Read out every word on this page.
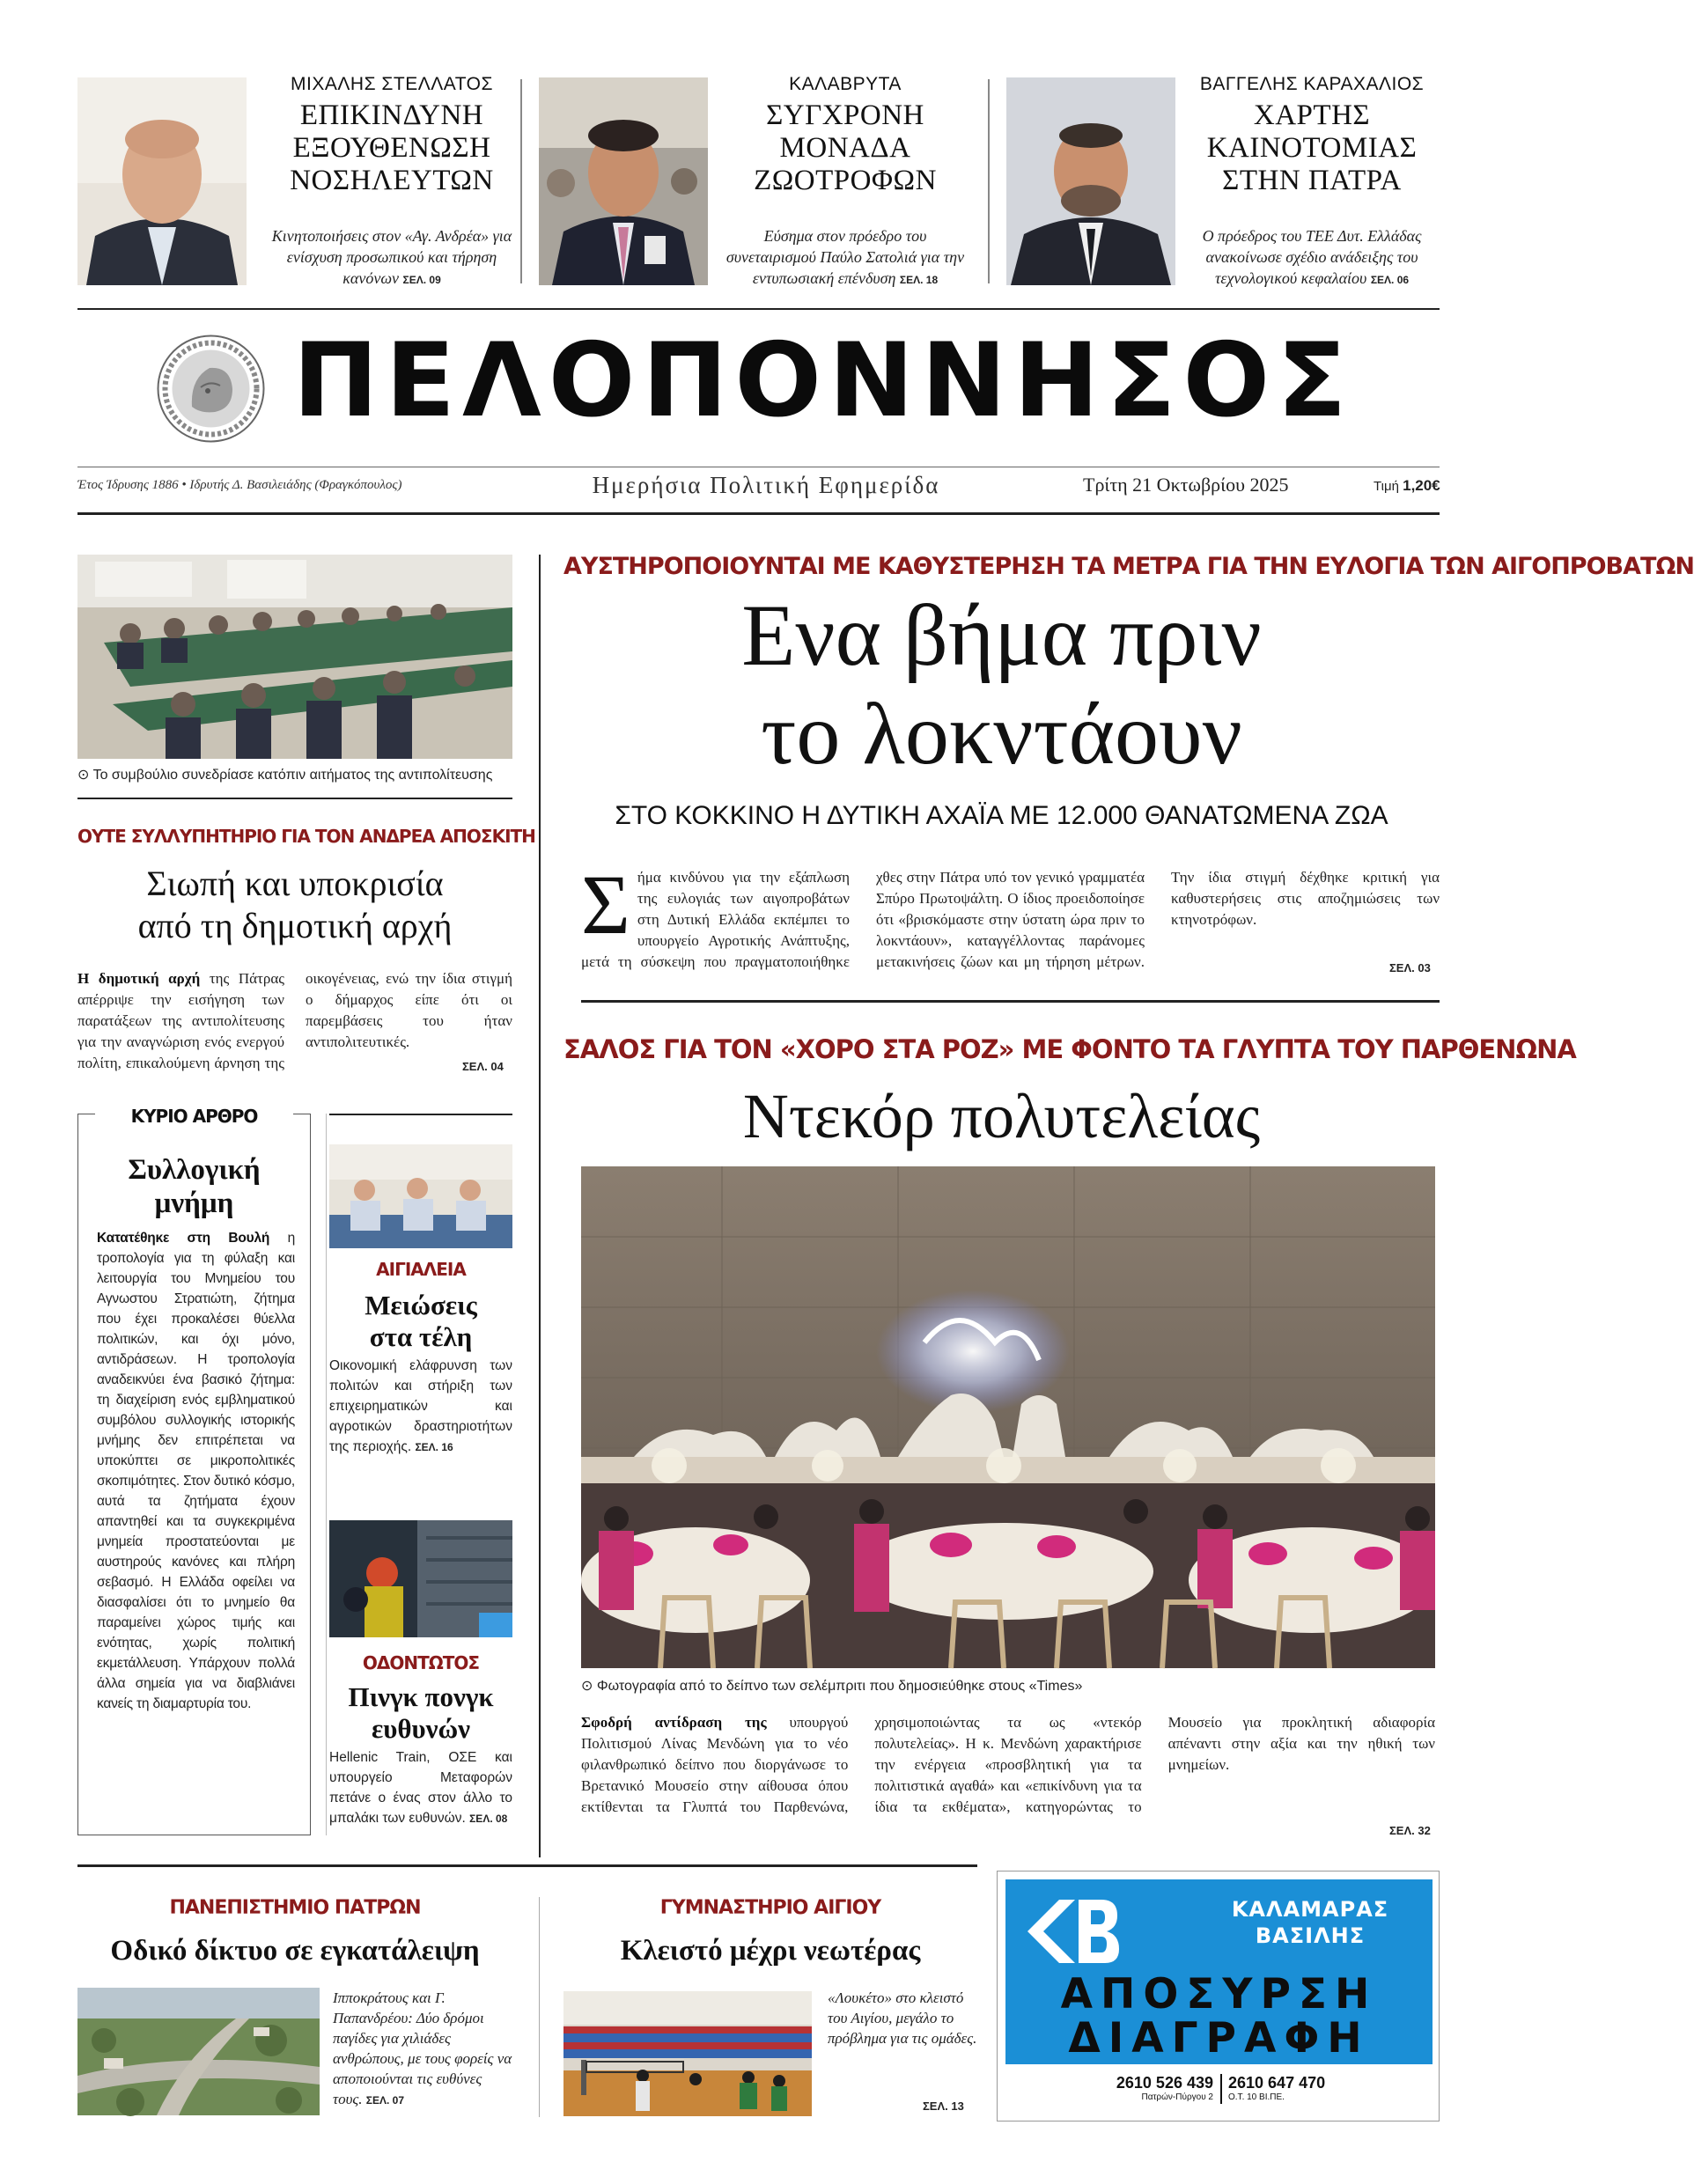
ΜΙΧΑΛΗΣ ΣΤΕΛΛΑΤΟΣ
ΕΠΙΚΙΝΔΥΝΗ
ΕΞΟΥΘΕΝΩΣΗ
ΝΟΣΗΛΕΥΤΩΝ
Κινητοποιήσεις στον «Αγ. Ανδρέα» για ενίσχυση προσωπικού και τήρηση κανόνων ΣΕΛ. 09
ΚΑΛΑΒΡΥΤΑ
ΣΥΓΧΡΟΝΗ
ΜΟΝΑΔΑ
ΖΩΟΤΡΟΦΩΝ
Εύσημα στον πρόεδρο του συνεταιρισμού Παύλο Σατολιά για την εντυπωσιακή επένδυση ΣΕΛ. 18
ΒΑΓΓΕΛΗΣ ΚΑΡΑΧΑΛΙΟΣ
ΧΑΡΤΗΣ
ΚΑΙΝΟΤΟΜΙΑΣ
ΣΤΗΝ ΠΑΤΡΑ
Ο πρόεδρος του ΤΕΕ Δυτ. Ελλάδας ανακοίνωσε σχέδιο ανάδειξης του τεχνολογικού κεφαλαίου ΣΕΛ. 06
ΠΕΛΟΠΟΝΝΗΣΟΣ
Έτος Ίδρυσης 1886 • Ιδρυτής Δ. Βασιλειάδης (Φραγκόπουλος)	Ημερήσια Πολιτική Εφημερίδα	Τρίτη 21 Οκτωβρίου 2025	Τιμή 1,20€
⊙ Το συμβούλιο συνεδρίασε κατόπιν αιτήματος της αντιπολίτευσης
ΟΥΤΕ ΣΥΛΛΥΠΗΤΗΡΙΟ ΓΙΑ ΤΟΝ ΑΝΔΡΕΑ ΑΠΟΣΚΙΤΗ
Σιωπή και υποκρισία
από τη δημοτική αρχή
Η δημοτική αρχή της Πάτρας απέρριψε την εισήγηση των παρατάξεων της αντιπολίτευσης για την αναγνώριση ενός ενεργού πολίτη, επικαλούμενη άρνηση της οικογένειας, ενώ την ίδια στιγμή ο δήμαρχος είπε ότι οι παρεμβάσεις του ήταν αντιπολιτευτικές.
ΣΕΛ. 04
ΑΥΣΤΗΡΟΠΟΙΟΥΝΤΑΙ ΜΕ ΚΑΘΥΣΤΕΡΗΣΗ ΤΑ ΜΕΤΡΑ ΓΙΑ ΤΗΝ ΕΥΛΟΓΙΑ ΤΩΝ ΑΙΓΟΠΡΟΒΑΤΩΝ
Ενα βήμα πριν
το λοκντάουν
ΣΤΟ ΚΟΚΚΙΝΟ Η ΔΥΤΙΚΗ ΑΧΑΪΑ ΜΕ 12.000 ΘΑΝΑΤΩΜΕΝΑ ΖΩΑ
Σήμα κινδύνου για την εξάπλωση της ευλογιάς των αιγοπροβάτων στη Δυτική Ελλάδα εκπέμπει το υπουργείο Αγροτικής Ανάπτυξης, μετά τη σύσκεψη που πραγματοποιήθηκε χθες στην Πάτρα υπό τον γενικό γραμματέα Σπύρο Πρωτοψάλτη. Ο ίδιος προειδοποίησε ότι «βρισκόμαστε στην ύστατη ώρα πριν το λοκντάουν», καταγγέλλοντας παράνομες μετακινήσεις ζώων και μη τήρηση μέτρων. Την ίδια στιγμή δέχθηκε κριτική για καθυστερήσεις στις αποζημιώσεις των κτηνοτρόφων.
ΣΕΛ. 03
ΣΑΛΟΣ ΓΙΑ ΤΟΝ «ΧΟΡΟ ΣΤΑ ΡΟΖ» ΜΕ ΦΟΝΤΟ ΤΑ ΓΛΥΠΤΑ ΤΟΥ ΠΑΡΘΕΝΩΝΑ
Ντεκόρ πολυτελείας
⊙ Φωτογραφία από το δείπνο των σελέμπριτι που δημοσιεύθηκε στους «Times»
Σφοδρή αντίδραση της υπουργού Πολιτισμού Λίνας Μενδώνη για το νέο φιλανθρωπικό δείπνο που διοργάνωσε το Βρετανικό Μουσείο στην αίθουσα όπου εκτίθενται τα Γλυπτά του Παρθενώνα, χρησιμοποιώντας τα ως «ντεκόρ πολυτελείας». Η κ. Μενδώνη χαρακτήρισε την ενέργεια «προσβλητική για τα πολιτιστικά αγαθά» και «επικίνδυνη για τα ίδια τα εκθέματα», κατηγορώντας το Μουσείο για προκλητική αδιαφορία απέναντι στην αξία και την ηθική των μνημείων.
ΣΕΛ. 32
ΚΥΡΙΟ ΑΡΘΡΟ
Συλλογική
μνήμη
Κατατέθηκε στη Βουλή η τροπολογία για τη φύλαξη και λειτουργία του Μνημείου του Αγνωστου Στρατιώτη, ζήτημα που έχει προκαλέσει θύελλα πολιτικών, και όχι μόνο, αντιδράσεων. Η τροπολογία αναδεικνύει ένα βασικό ζήτημα: τη διαχείριση ενός εμβληματικού συμβόλου συλλογικής ιστορικής μνήμης δεν επιτρέπεται να υποκύπτει σε μικροπολιτικές σκοπιμότητες. Στον δυτικό κόσμο, αυτά τα ζητήματα έχουν απαντηθεί και τα συγκεκριμένα μνημεία προστατεύονται με αυστηρούς κανόνες και πλήρη σεβασμό. Η Ελλάδα οφείλει να διασφαλίσει ότι το μνημείο θα παραμείνει χώρος τιμής και ενότητας, χωρίς πολιτική εκμετάλλευση. Υπάρχουν πολλά άλλα σημεία για να διαβλιάνει κανείς τη διαμαρτυρία του.
ΑΙΓΙΑΛΕΙΑ
Μειώσεις
στα τέλη
Οικονομική ελάφρυνση των πολιτών και στήριξη των επιχειρηματικών και αγροτικών δραστηριοτήτων της περιοχής. ΣΕΛ. 16
ΟΔΟΝΤΩΤΟΣ
Πινγκ πονγκ
ευθυνών
Hellenic Train, ΟΣΕ και υπουργείο Μεταφορών πετάνε ο ένας στον άλλο το μπαλάκι των ευθυνών. ΣΕΛ. 08
ΠΑΝΕΠΙΣΤΗΜΙΟ ΠΑΤΡΩΝ
Οδικό δίκτυο σε εγκατάλειψη
Ιπποκράτους και Γ. Παπανδρέου: Δύο δρόμοι παγίδες για χιλιάδες ανθρώπους, με τους φορείς να αποποιούνται τις ευθύνες τους. ΣΕΛ. 07
ΓΥΜΝΑΣΤΗΡΙΟ ΑΙΓΙΟΥ
Κλειστό μέχρι νεωτέρας
«Λουκέτο» στο κλειστό του Αιγίου, μεγάλο το πρόβλημα για τις ομάδες.
ΣΕΛ. 13
ΚΑΛΑΜΑΡΑΣ
ΒΑΣΙΛΗΣ
ΑΠΟΣΥΡΣΗ
ΔΙΑΓΡΑΦΗ
2610 526 439
Πατρών-Πύργου 2
2610 647 470
Ο.Τ. 10 ΒΙ.ΠΕ.
